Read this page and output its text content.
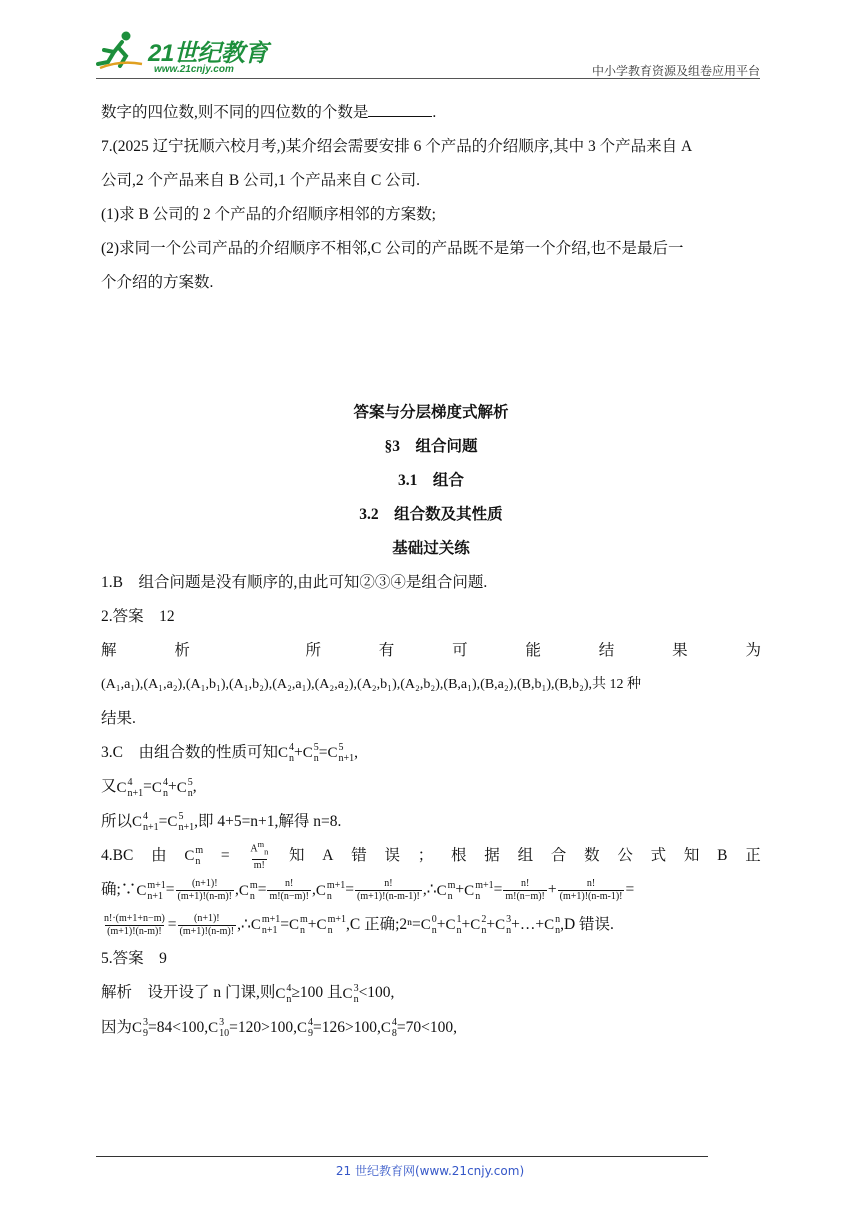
21世纪教育
www.21cnjy.com	中小学教育资源及组卷应用平台
数字的四位数,则不同的四位数的个数是	.
7.(2025 辽宁抚顺六校月考,)某介绍会需要安排 6 个产品的介绍顺序,其中 3 个产品来自 A
公司,2 个产品来自 B 公司,1 个产品来自 C 公司.
(1)求 B 公司的 2 个产品的介绍顺序相邻的方案数;
(2)求同一个公司产品的介绍顺序不相邻,C 公司的产品既不是第一个介绍,也不是最后一
个介绍的方案数.
答案与分层梯度式解析
§3　组合问题
3.1　组合
3.2　组合数及其性质
基础过关练
1.B　组合问题是没有顺序的,由此可知②③④是组合问题.
2.答案　12
解	析	所	有	可	能	结	果	为
(A₁,a₁),(A₁,a₂),(A₁,b₁),(A₁,b₂),(A₂,a₁),(A₂,a₂),(A₂,b₁),(A₂,b₂),(B,a₁),(B,a₂),(B,b₁),(B,b₂),共 12 种
结果.
3.C　由组合数的性质可知 C 4
n + C 5
n = C 5
n+1 ,
又 C 4
n+1 = C 4
n + C 5
n ,
所以 C 4
n+1 = C 5
n+1 ,即 4+5=n+1,解得 n=8.
4.BC 由 C m
$n = \frac{A^m_n}{m!}$ 知 A 错 误 ； 根 据 组 合 数 公 式 知 B 正
确;∵ C m+1
$n+1 = \frac{(n+1)!}{(m+1)!(n-m)!}$ , C m
$n = \frac{n!}{m!(n-m)!}$ , C m+1
$n = \frac{n!}{(m+1)!(n-m-1)!}$ ,∴ C m
n + C m+1
$n = \frac{n!}{m!(n-m)!} + \frac{n!}{(m+1)!(n-m-1)!}$ =
$\frac{n!\cdot(m+1+n-m)}{(m+1)!(n-m)!} = \frac{(n+1)!}{(m+1)!(n-m)!}$ ,∴ C m+1
n+1 = C m
n + C m+1
n ,C 正确;2ⁿ= C 0
n + C 1
n + C 2
n + C 3
n +…+ C n
n ,D 错误.
5.答案　9
解析　设开设了 n 门课,则 C 4
n ≥100 且 C 3
n <100,
因为 C 3
9 =84<100, C 3
10 =120>100, C 4
9 =126>100, C 4
8 =70<100,
21 世纪教育网(www.21cnjy.com)
